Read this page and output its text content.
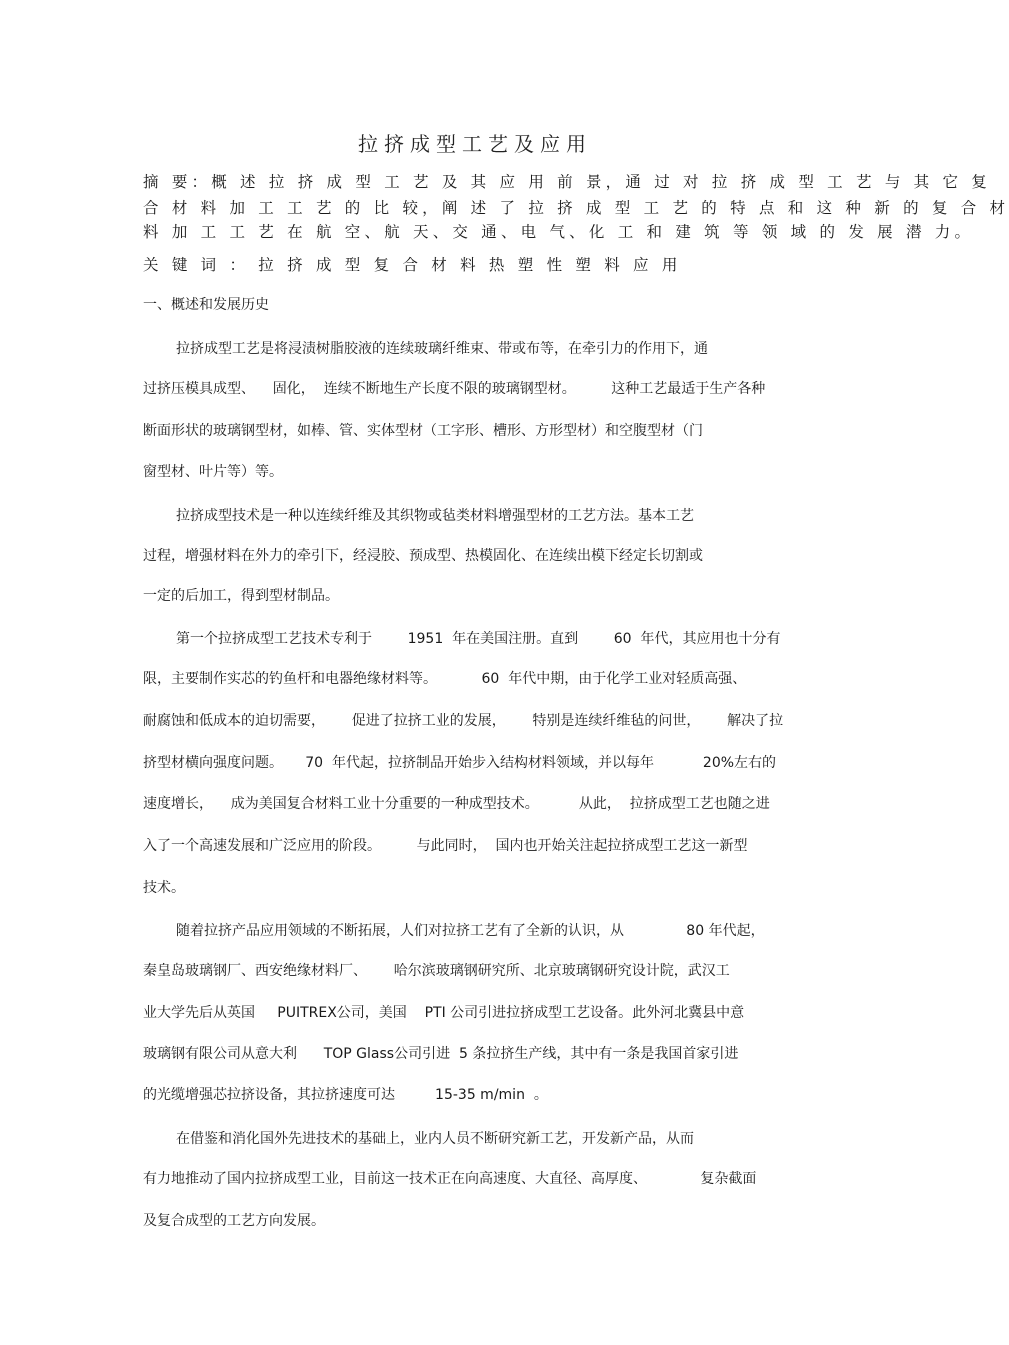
拉挤成型工艺及应用
摘 要：概 述 拉 挤 成 型 工 艺 及 其 应 用 前 景，通 过 对 拉 挤 成 型 工 艺 与 其 它 复
合 材 料 加 工 工 艺 的 比 较，阐 述 了 拉 挤 成 型 工 艺 的 特 点 和 这 种 新 的 复 合 材
料 加 工 工 艺 在 航 空、航 天、交 通、电 气、化 工 和 建 筑 等 领 域 的 发 展 潜 力。
关 键 词 ： 拉 挤 成 型 复 合 材 料 热 塑 性 塑 料 应 用
一、概述和发展历史
拉挤成型工艺是将浸渍树脂胶液的连续玻璃纤维束、带或布等，在牵引力的作用下，通
过挤压模具成型、    固化，  连续不断地生产长度不限的玻璃钢型材。        这种工艺最适于生产各种
断面形状的玻璃钢型材，如棒、管、实体型材（工字形、槽形、方形型材）和空腹型材（门
窗型材、叶片等）等。
拉挤成型技术是一种以连续纤维及其织物或毡类材料增强型材的工艺方法。基本工艺
过程，增强材料在外力的牵引下，经浸胶、预成型、热模固化、在连续出模下经定长切割或
一定的后加工，得到型材制品。
第一个拉挤成型工艺技术专利于        1951  年在美国注册。直到        60  年代，其应用也十分有
限，主要制作实芯的钓鱼杆和电器绝缘材料等。          60  年代中期，由于化学工业对轻质高强、
耐腐蚀和低成本的迫切需要，      促进了拉挤工业的发展，      特别是连续纤维毡的问世，      解决了拉
挤型材横向强度问题。     70  年代起，拉挤制品开始步入结构材料领域，并以每年           20%左右的
速度增长，    成为美国复合材料工业十分重要的一种成型技术。         从此，  拉挤成型工艺也随之进
入了一个高速发展和广泛应用的阶段。        与此同时，  国内也开始关注起拉挤成型工艺这一新型
技术。
随着拉挤产品应用领域的不断拓展，人们对拉挤工艺有了全新的认识，从              80 年代起，
秦皇岛玻璃钢厂、西安绝缘材料厂、      哈尔滨玻璃钢研究所、北京玻璃钢研究设计院，武汉工
业大学先后从英国     PUITREX公司，美国    PTI 公司引进拉挤成型工艺设备。此外河北冀县中意
玻璃钢有限公司从意大利      TOP Glass公司引进  5 条拉挤生产线，其中有一条是我国首家引进
的光缆增强芯拉挤设备，其拉挤速度可达         15-35 m/min  。
在借鉴和消化国外先进技术的基础上，业内人员不断研究新工艺，开发新产品，从而
有力地推动了国内拉挤成型工业，目前这一技术正在向高速度、大直径、高厚度、            复杂截面
及复合成型的工艺方向发展。
